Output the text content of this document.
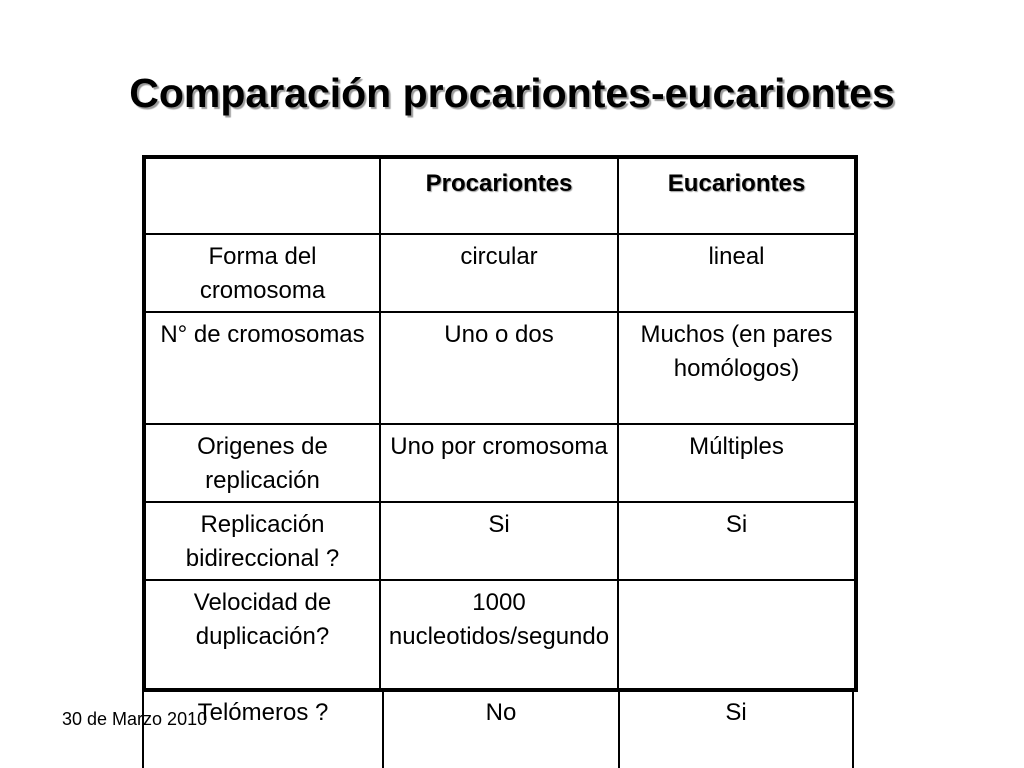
Comparación procariontes-eucariontes
	Procariontes	Eucariontes
Forma del cromosoma	circular	lineal
N° de cromosomas	Uno o dos	Muchos (en pares homólogos)
Origenes de replicación	Uno por cromosoma	Múltiples
Replicación bidireccional ?	Si	Si
Velocidad de duplicación?	1000 nucleotidos/segundo	
Telómeros ?	No	Si
30 de Marzo 2010
